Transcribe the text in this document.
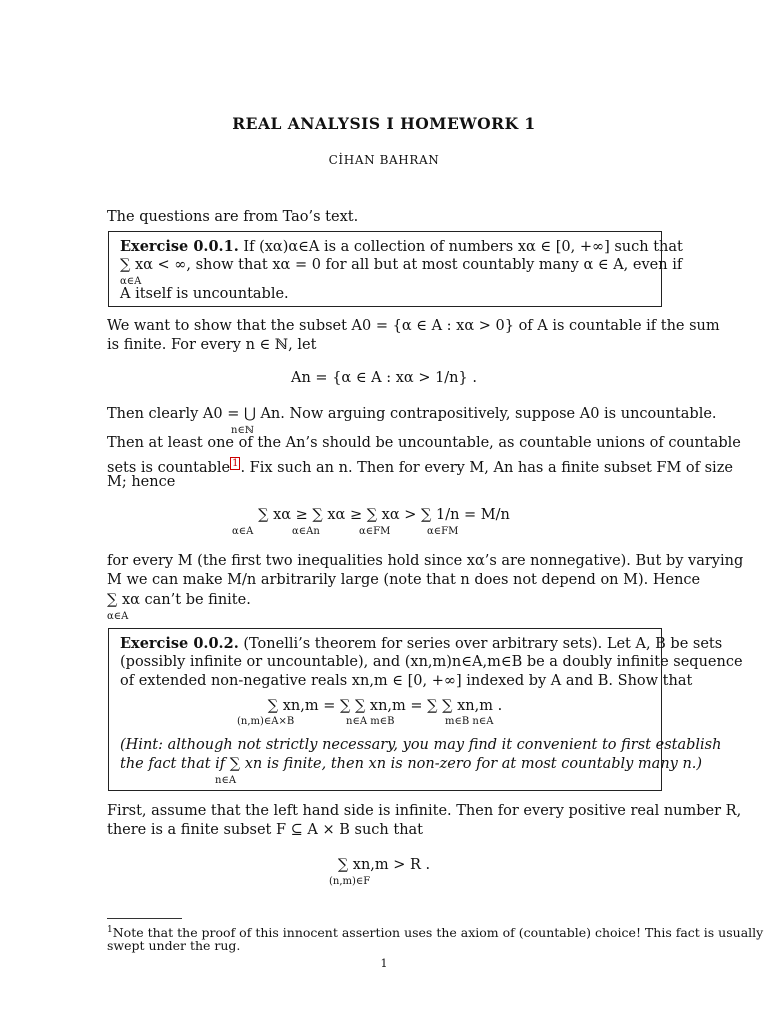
REAL ANALYSIS I HOMEWORK 1
CİHAN BAHRAN
The questions are from Tao’s text.
Exercise 0.0.1. If (xα)α∈A is a collection of numbers xα ∈ [0, +∞] such that
∑ xα < ∞, show that xα = 0 for all but at most countably many α ∈ A, even if
α∈A
A itself is uncountable.
We want to show that the subset A0 = {α ∈ A : xα > 0} of A is countable if the sum
is finite. For every n ∈ ℕ, let
An = {α ∈ A : xα > 1/n} .
Then clearly A0 = ⋃ An. Now arguing contrapositively, suppose A0 is uncountable.
n∈ℕ
Then at least one of the An’s should be uncountable, as countable unions of countable
sets is countable $^1$ . Fix such an n. Then for every M, An has a finite subset FM of size
M; hence
∑ xα ≥ ∑ xα ≥ ∑ xα > ∑ 1/n = M/n
α∈A	α∈An	α∈FM	α∈FM
for every M (the first two inequalities hold since xα’s are nonnegative). But by varying
M we can make M/n arbitrarily large (note that n does not depend on M). Hence
∑ xα can’t be finite.
α∈A
Exercise 0.0.2. (Tonelli’s theorem for series over arbitrary sets). Let A, B be sets
(possibly infinite or uncountable), and (xn,m)n∈A,m∈B be a doubly infinite sequence
of extended non-negative reals xn,m ∈ [0, +∞] indexed by A and B. Show that
∑ xn,m = ∑ ∑ xn,m = ∑ ∑ xn,m .
(n,m)∈A×B	n∈A m∈B	m∈B n∈A
(Hint: although not strictly necessary, you may find it convenient to first establish
the fact that if ∑ xn is finite, then xn is non-zero for at most countably many n.)
n∈A
First, assume that the left hand side is infinite. Then for every positive real number R,
there is a finite subset F ⊆ A × B such that
∑ xn,m > R .
(n,m)∈F
$^1$Note that the proof of this innocent assertion uses the axiom of (countable) choice! This fact is usually
swept under the rug.
1
